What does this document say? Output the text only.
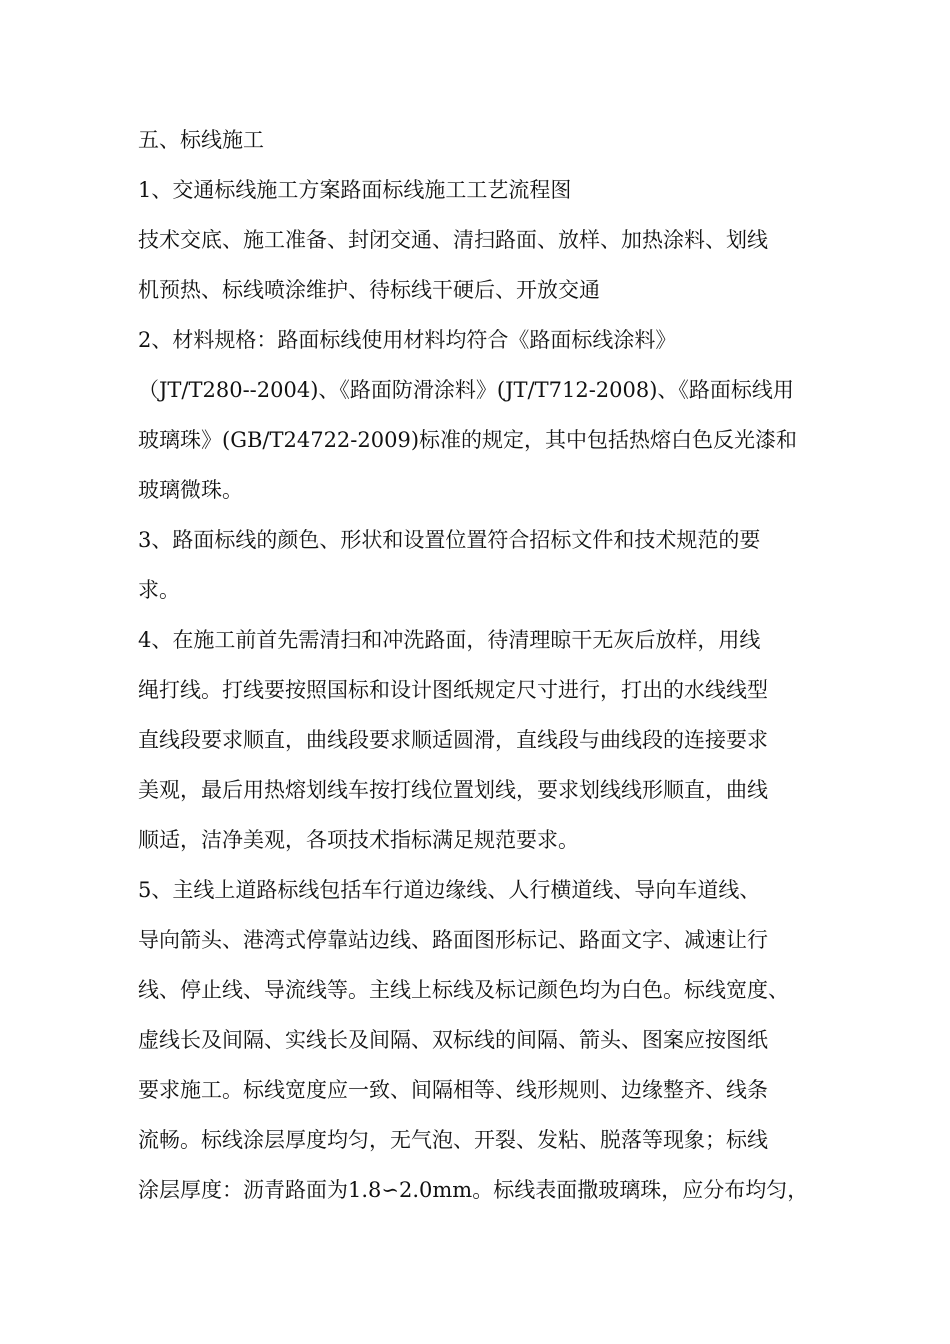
五、标线施工
1、交通标线施工方案路面标线施工工艺流程图
技术交底、施工准备、封闭交通、清扫路面、放样、加热涂料、划线
机预热、标线喷涂维护、待标线干硬后、开放交通
2、材料规格：路面标线使用材料均符合《路面标线涂料》
（JT/T280--2004)、《路面防滑涂料》(JT/T712-2008)、《路面标线用
玻璃珠》(GB/T24722-2009)标准的规定，其中包括热熔白色反光漆和
玻璃微珠。
3、路面标线的颜色、形状和设置位置符合招标文件和技术规范的要
求。
4、在施工前首先需清扫和冲洗路面，待清理晾干无灰后放样，用线
绳打线。打线要按照国标和设计图纸规定尺寸进行，打出的水线线型
直线段要求顺直，曲线段要求顺适圆滑，直线段与曲线段的连接要求
美观，最后用热熔划线车按打线位置划线，要求划线线形顺直，曲线
顺适，洁净美观，各项技术指标满足规范要求。
5、主线上道路标线包括车行道边缘线、人行横道线、导向车道线、
导向箭头、港湾式停靠站边线、路面图形标记、路面文字、减速让行
线、停止线、导流线等。主线上标线及标记颜色均为白色。标线宽度、
虚线长及间隔、实线长及间隔、双标线的间隔、箭头、图案应按图纸
要求施工。标线宽度应一致、间隔相等、线形规则、边缘整齐、线条
流畅。标线涂层厚度均匀，无气泡、开裂、发粘、脱落等现象；标线
涂层厚度：沥青路面为1.8∽2.0mm。标线表面撒玻璃珠，应分布均匀，
